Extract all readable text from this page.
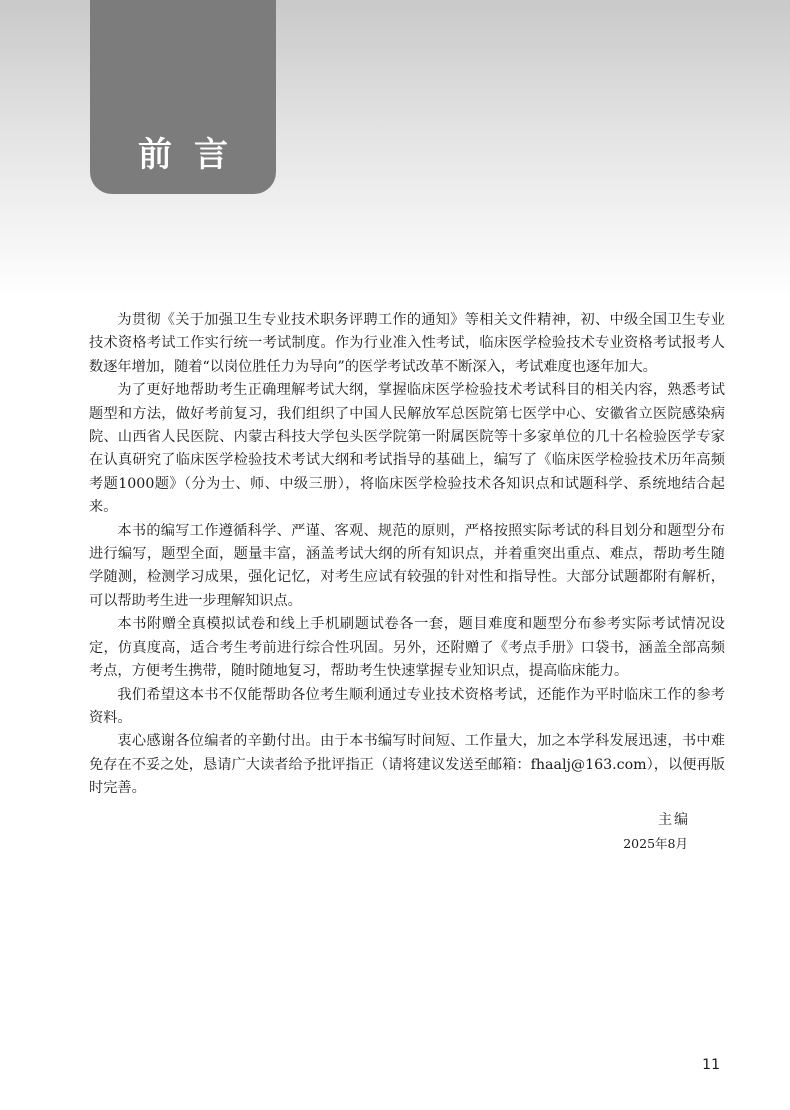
前言

为贯彻《关于加强卫生专业技术职务评聘工作的通知》等相关文件精神，初、中级全国卫生专业技术资格考试工作实行统一考试制度。作为行业准入性考试，临床医学检验技术专业资格考试报考人数逐年增加，随着“以岗位胜任力为导向”的医学考试改革不断深入，考试难度也逐年加大。

为了更好地帮助考生正确理解考试大纲，掌握临床医学检验技术考试科目的相关内容，熟悉考试题型和方法，做好考前复习，我们组织了中国人民解放军总医院第七医学中心、安徽省立医院感染病院、山西省人民医院、内蒙古科技大学包头医学院第一附属医院等十多家单位的几十名检验医学专家在认真研究了临床医学检验技术考试大纲和考试指导的基础上，编写了《临床医学检验技术历年高频考题1000题》（分为士、师、中级三册），将临床医学检验技术各知识点和试题科学、系统地结合起来。

本书的编写工作遵循科学、严谨、客观、规范的原则，严格按照实际考试的科目划分和题型分布进行编写，题型全面，题量丰富，涵盖考试大纲的所有知识点，并着重突出重点、难点，帮助考生随学随测，检测学习成果，强化记忆，对考生应试有较强的针对性和指导性。大部分试题都附有解析，可以帮助考生进一步理解知识点。

本书附赠全真模拟试卷和线上手机刷题试卷各一套，题目难度和题型分布参考实际考试情况设定，仿真度高，适合考生考前进行综合性巩固。另外，还附赠了《考点手册》口袋书，涵盖全部高频考点，方便考生携带，随时随地复习，帮助考生快速掌握专业知识点，提高临床能力。

我们希望这本书不仅能帮助各位考生顺利通过专业技术资格考试，还能作为平时临床工作的参考资料。

衷心感谢各位编者的辛勤付出。由于本书编写时间短、工作量大，加之本学科发展迅速，书中难免存在不妥之处，恳请广大读者给予批评指正（请将建议发送至邮箱：fhaalj@163.com），以便再版时完善。

主编
2025年8月
11
